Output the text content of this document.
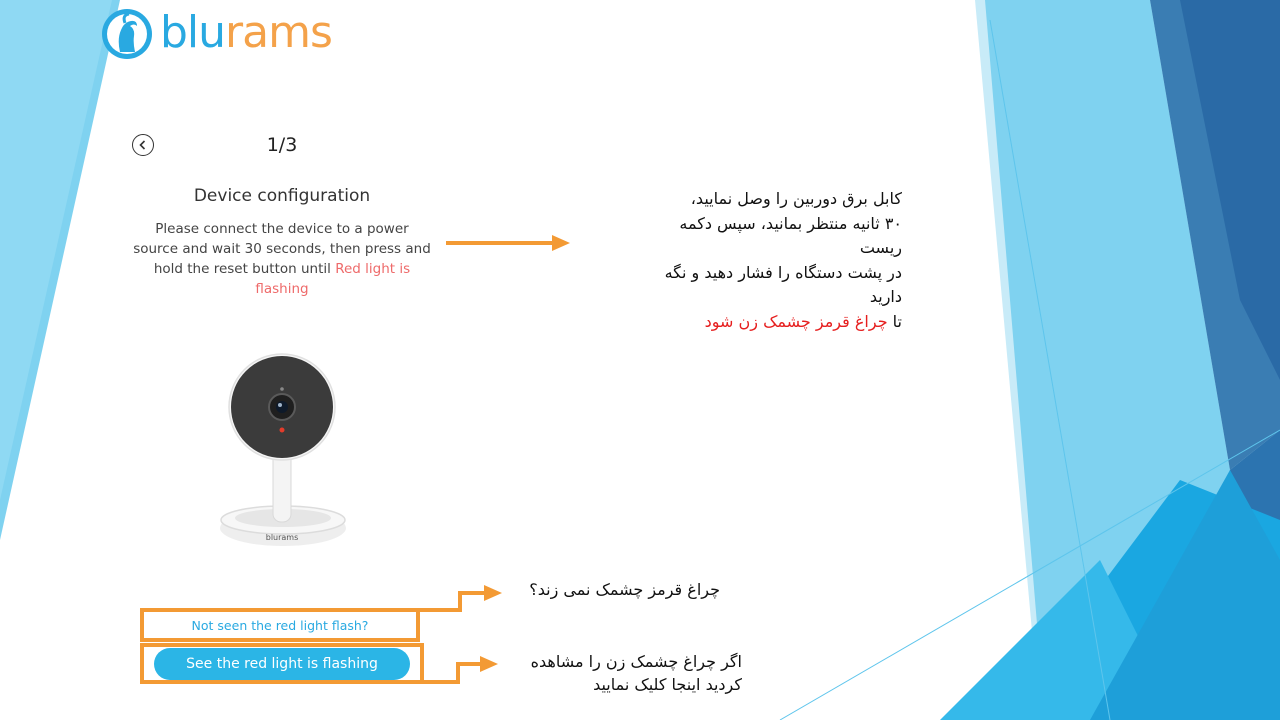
blurams
1/3
Device configuration
Please connect the device to a power source and wait 30 seconds, then press and hold the reset button until Red light is flashing
blurams
Not seen the red light flash?
See the red light is flashing
کابل برق دوربین را وصل نمایید،
۳۰ ثانیه منتظر بمانید، سپس دکمه ریست
در پشت دستگاه را فشار دهید و نگه دارید
تا چراغ قرمز چشمک زن شود
چراغ قرمز چشمک نمی زند؟
اگر چراغ چشمک زن را مشاهده
کردید اینجا کلیک نمایید
